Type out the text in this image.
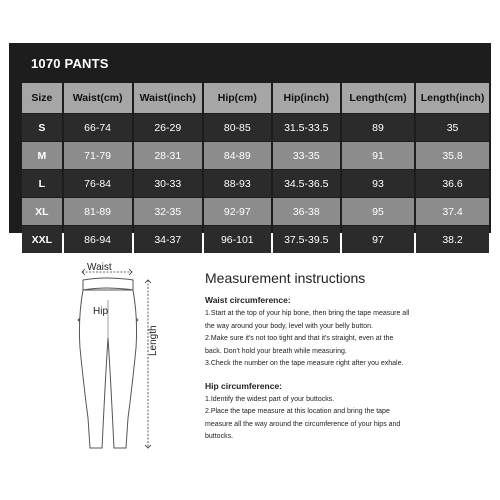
1070 PANTS
Size	Waist(cm)	Waist(inch)	Hip(cm)	Hip(inch)	Length(cm)	Length(inch)
S	66-74	26-29	80-85	31.5-33.5	89	35
M	71-79	28-31	84-89	33-35	91	35.8
L	76-84	30-33	88-93	34.5-36.5	93	36.6
XL	81-89	32-35	92-97	36-38	95	37.4
XXL	86-94	34-37	96-101	37.5-39.5	97	38.2
Waist
Hip
Length
Measurement instructions
Waist circumference:

1.Start at the top of your hip bone, then bring the tape measure all

the way around your body, level with your belly button.

2.Make sure it's not too tight and that it's straight, even at the

back. Don't hold your breath while measuring.

3.Check the number on the tape measure right after you exhale.

Hip circumference:

1.Identify the widest part of your buttocks.

2.Place the tape measure at this location and bring the tape

measure all the way around the circumference of your hips and

buttocks.
